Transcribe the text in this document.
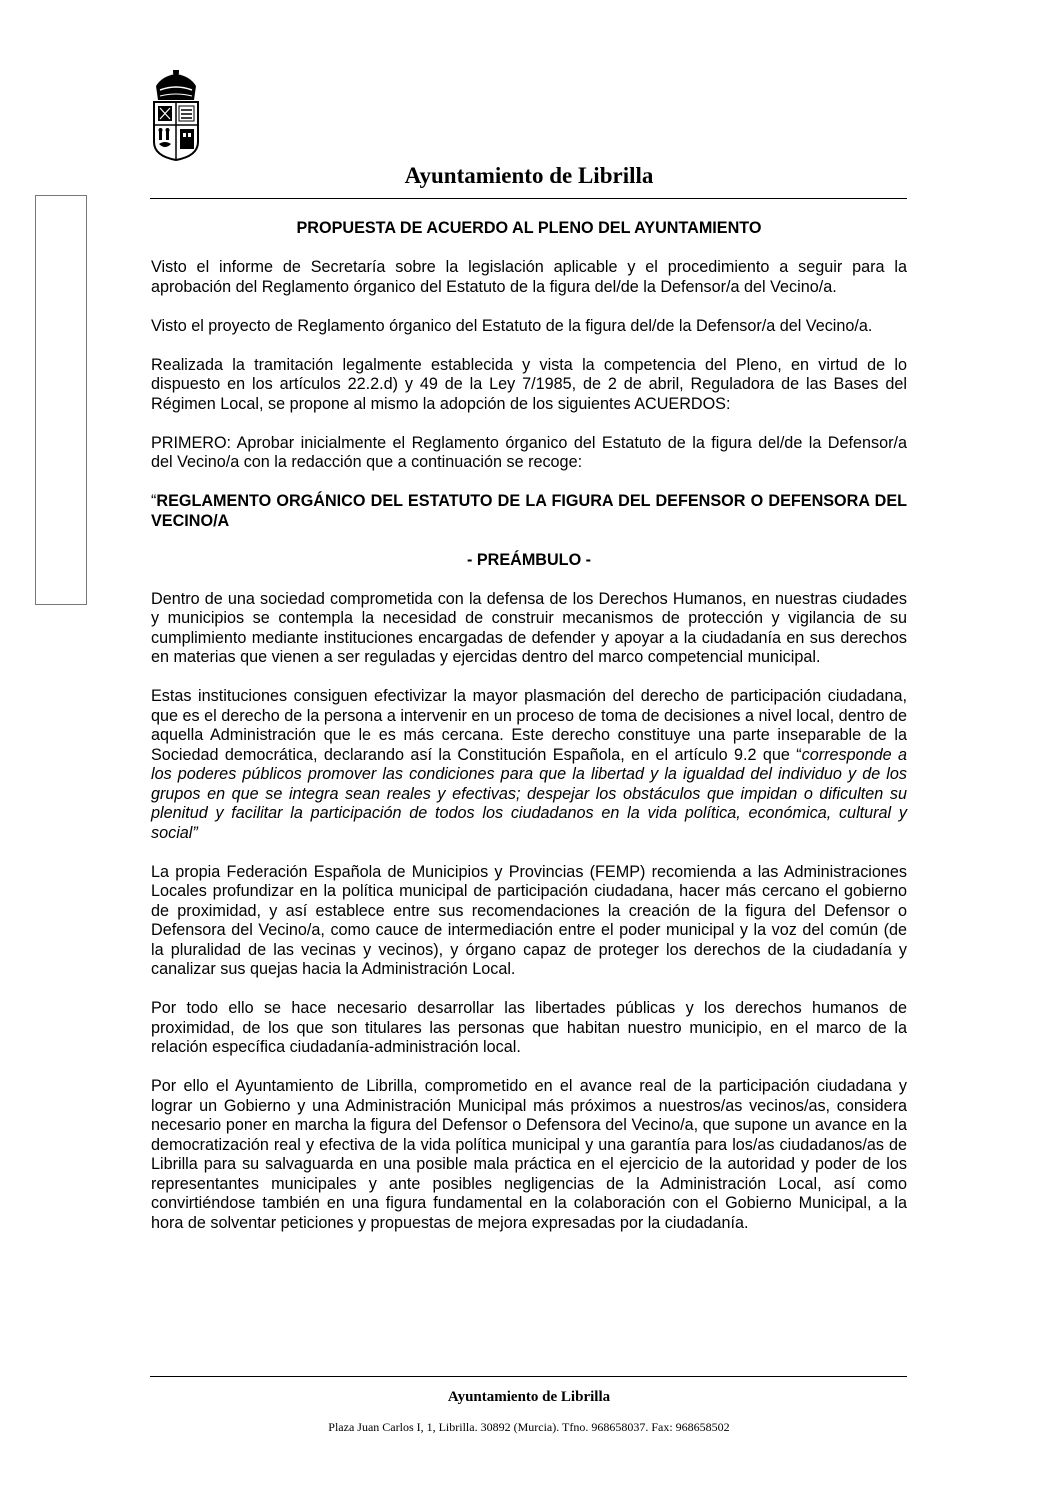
Ayuntamiento de Librilla
PROPUESTA DE ACUERDO AL PLENO DEL AYUNTAMIENTO

Visto el informe de Secretaría sobre la legislación aplicable y el procedimiento a seguir para la aprobación del Reglamento órganico del Estatuto de la figura del/de la Defensor/a del Vecino/a.

Visto el proyecto de Reglamento órganico del Estatuto de la figura del/de la Defensor/a del Vecino/a.

Realizada la tramitación legalmente establecida y vista la competencia del Pleno, en virtud de lo dispuesto en los artículos 22.2.d) y 49 de la Ley 7/1985, de 2 de abril, Reguladora de las Bases del Régimen Local, se propone al mismo la adopción de los siguientes ACUERDOS:

PRIMERO: Aprobar inicialmente el Reglamento órganico del Estatuto de la figura del/de la Defensor/a del Vecino/a con la redacción que a continuación se recoge:

“REGLAMENTO ORGÁNICO DEL ESTATUTO DE LA FIGURA DEL DEFENSOR O DEFENSORA DEL VECINO/A

- PREÁMBULO -

Dentro de una sociedad comprometida con la defensa de los Derechos Humanos, en nuestras ciudades y municipios se contempla la necesidad de construir mecanismos de protección y vigilancia de su cumplimiento mediante instituciones encargadas de defender y apoyar a la ciudadanía en sus derechos en materias que vienen a ser reguladas y ejercidas dentro del marco competencial municipal.

Estas instituciones consiguen efectivizar la mayor plasmación del derecho de participación ciudadana, que es el derecho de la persona a intervenir en un proceso de toma de decisiones a nivel local, dentro de aquella Administración que le es más cercana. Este derecho constituye una parte inseparable de la Sociedad democrática, declarando así la Constitución Española, en el artículo 9.2 que “corresponde a los poderes públicos promover las condiciones para que la libertad y la igualdad del individuo y de los grupos en que se integra sean reales y efectivas; despejar los obstáculos que impidan o dificulten su plenitud y facilitar la participación de todos los ciudadanos en la vida política, económica, cultural y social”

La propia Federación Española de Municipios y Provincias (FEMP) recomienda a las Administraciones Locales profundizar en la política municipal de participación ciudadana, hacer más cercano el gobierno de proximidad, y así establece entre sus recomendaciones la creación de la figura del Defensor o Defensora del Vecino/a, como cauce de intermediación entre el poder municipal y la voz del común (de la pluralidad de las vecinas y vecinos), y órgano capaz de proteger los derechos de la ciudadanía y canalizar sus quejas hacia la Administración Local.

Por todo ello se hace necesario desarrollar las libertades públicas y los derechos humanos de proximidad, de los que son titulares las personas que habitan nuestro municipio, en el marco de la relación específica ciudadanía-administración local.

Por ello el Ayuntamiento de Librilla, comprometido en el avance real de la participación ciudadana y lograr un Gobierno y una Administración Municipal más próximos a nuestros/as vecinos/as, considera necesario poner en marcha la figura del Defensor o Defensora del Vecino/a, que supone un avance en la democratización real y efectiva de la vida política municipal y una garantía para los/as ciudadanos/as de Librilla para su salvaguarda en una posible mala práctica en el ejercicio de la autoridad y poder de los representantes municipales y ante posibles negligencias de la Administración Local, así como convirtiéndose también en una figura fundamental en la colaboración con el Gobierno Municipal, a la hora de solventar peticiones y propuestas de mejora expresadas por la ciudadanía.

Ayuntamiento de Librilla
Plaza Juan Carlos I, 1, Librilla. 30892 (Murcia). Tfno. 968658037. Fax: 968658502
